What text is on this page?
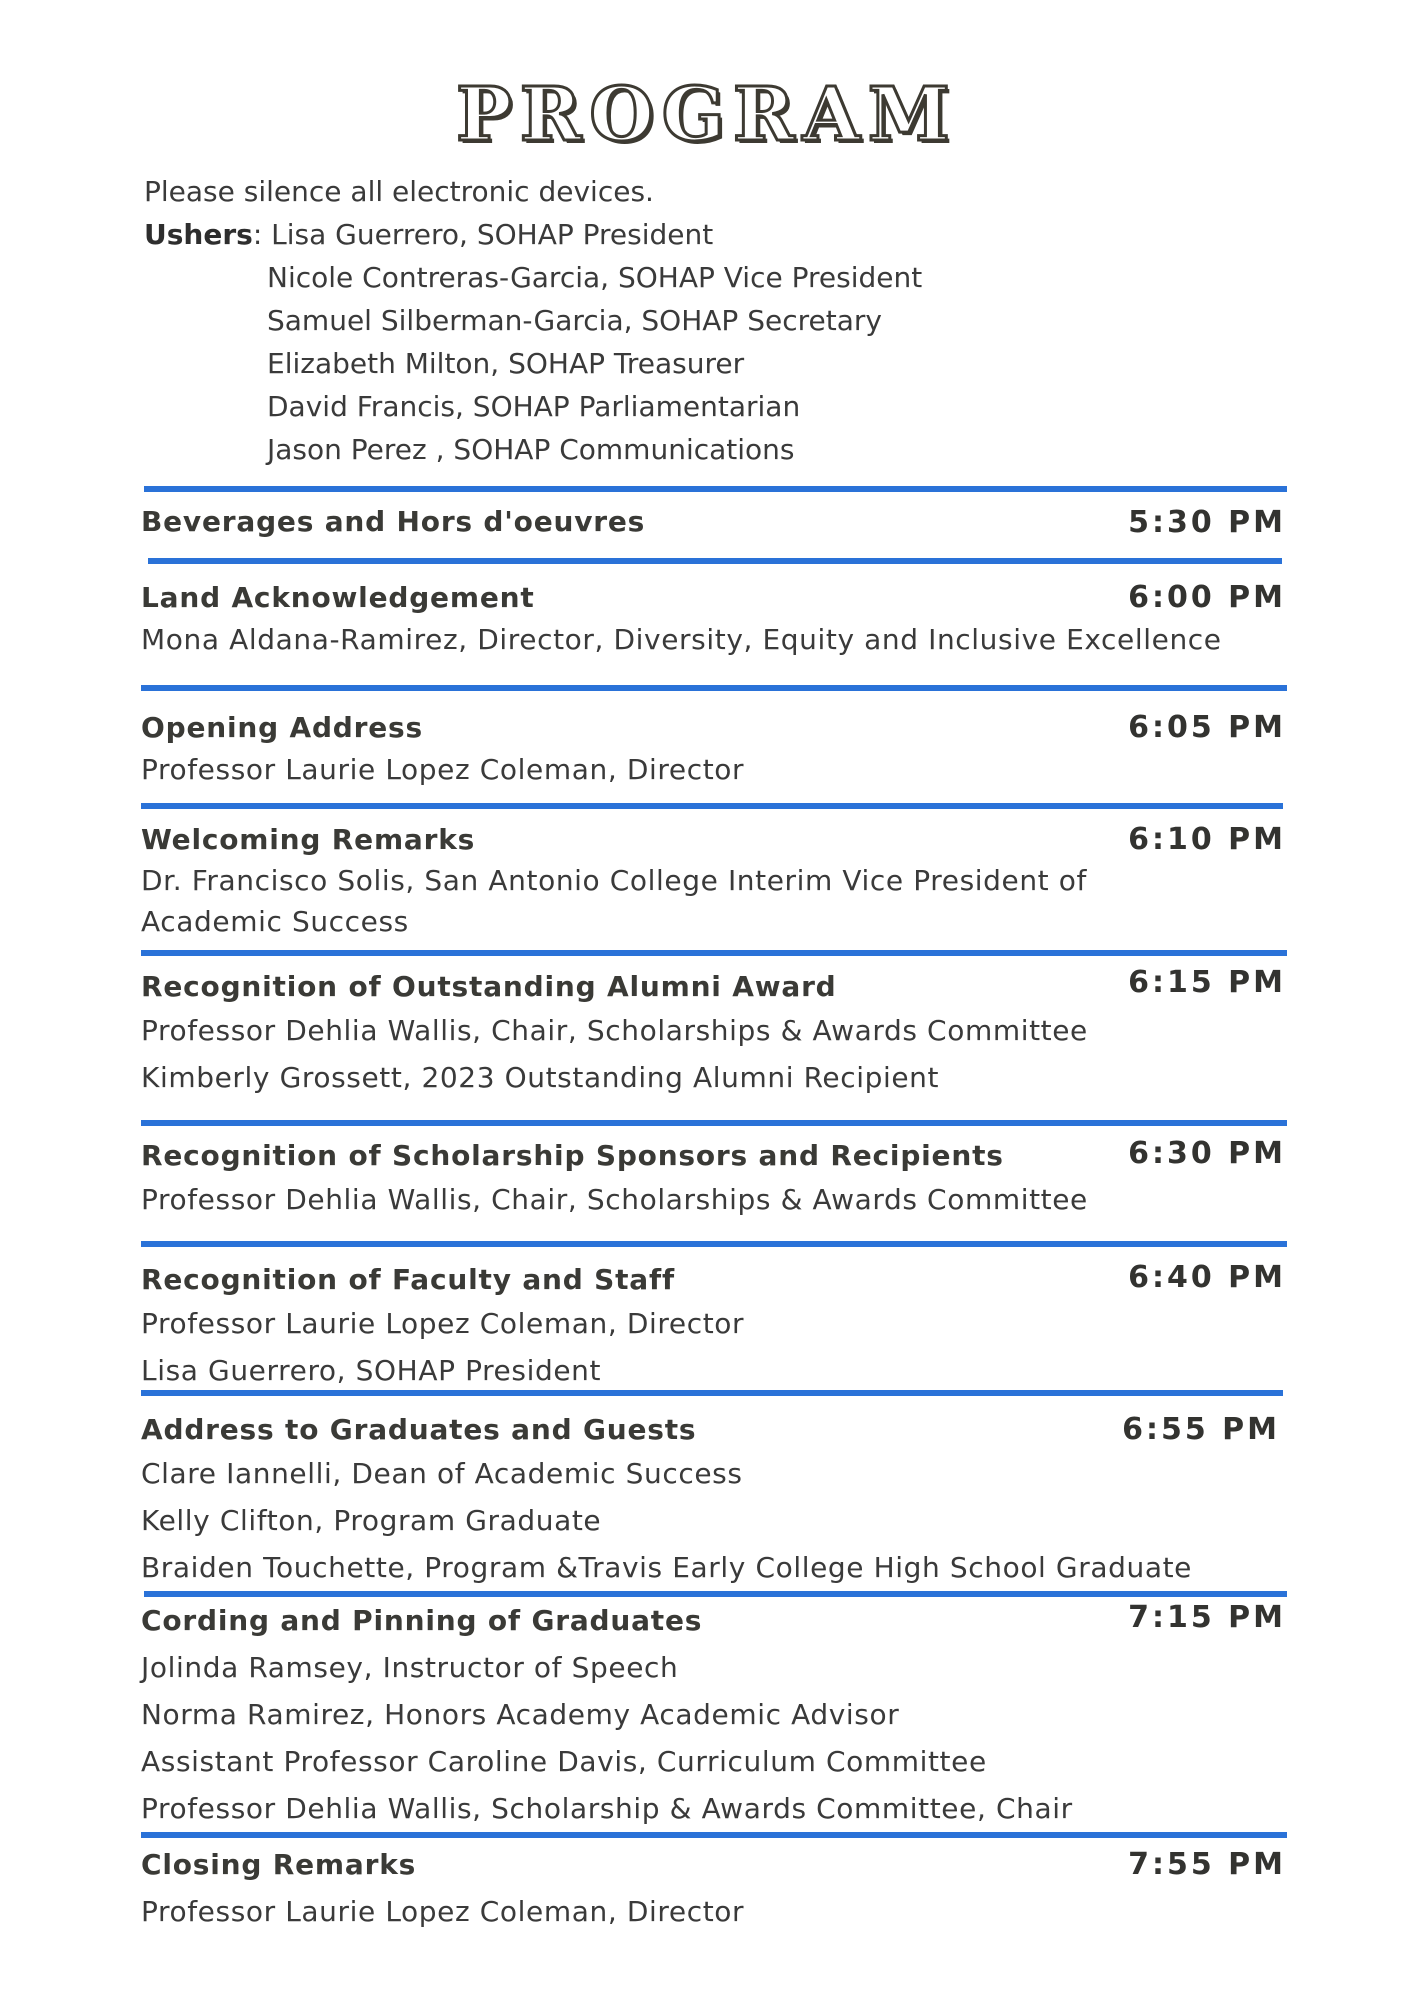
PROGRAM
Please silence all electronic devices.
Ushers: Lisa Guerrero, SOHAP President
Nicole Contreras-Garcia, SOHAP Vice President
Samuel Silberman-Garcia, SOHAP Secretary
Elizabeth Milton, SOHAP Treasurer
David Francis, SOHAP Parliamentarian
Jason Perez , SOHAP Communications
Beverages and Hors d'oeuvres	5:30 PM
Land Acknowledgement
Mona Aldana-Ramirez, Director, Diversity, Equity and Inclusive Excellence
6:00 PM
Opening Address
Professor Laurie Lopez Coleman, Director
6:05 PM
Welcoming Remarks
Dr. Francisco Solis, San Antonio College Interim Vice President of
Academic Success
6:10 PM
Recognition of Outstanding Alumni Award
Professor Dehlia Wallis, Chair, Scholarships & Awards Committee
Kimberly Grossett, 2023 Outstanding Alumni Recipient
6:15 PM
Recognition of Scholarship Sponsors and Recipients
Professor Dehlia Wallis, Chair, Scholarships & Awards Committee
6:30 PM
Recognition of Faculty and Staff
Professor Laurie Lopez Coleman, Director
Lisa Guerrero, SOHAP President
6:40 PM
Address to Graduates and Guests
Clare Iannelli, Dean of Academic Success
Kelly Clifton, Program Graduate
Braiden Touchette, Program &Travis Early College High School Graduate
6:55 PM
Cording and Pinning of Graduates
Jolinda Ramsey, Instructor of Speech
Norma Ramirez, Honors Academy Academic Advisor
Assistant Professor Caroline Davis, Curriculum Committee
Professor Dehlia Wallis, Scholarship & Awards Committee, Chair
7:15 PM
Closing Remarks
Professor Laurie Lopez Coleman, Director
7:55 PM
